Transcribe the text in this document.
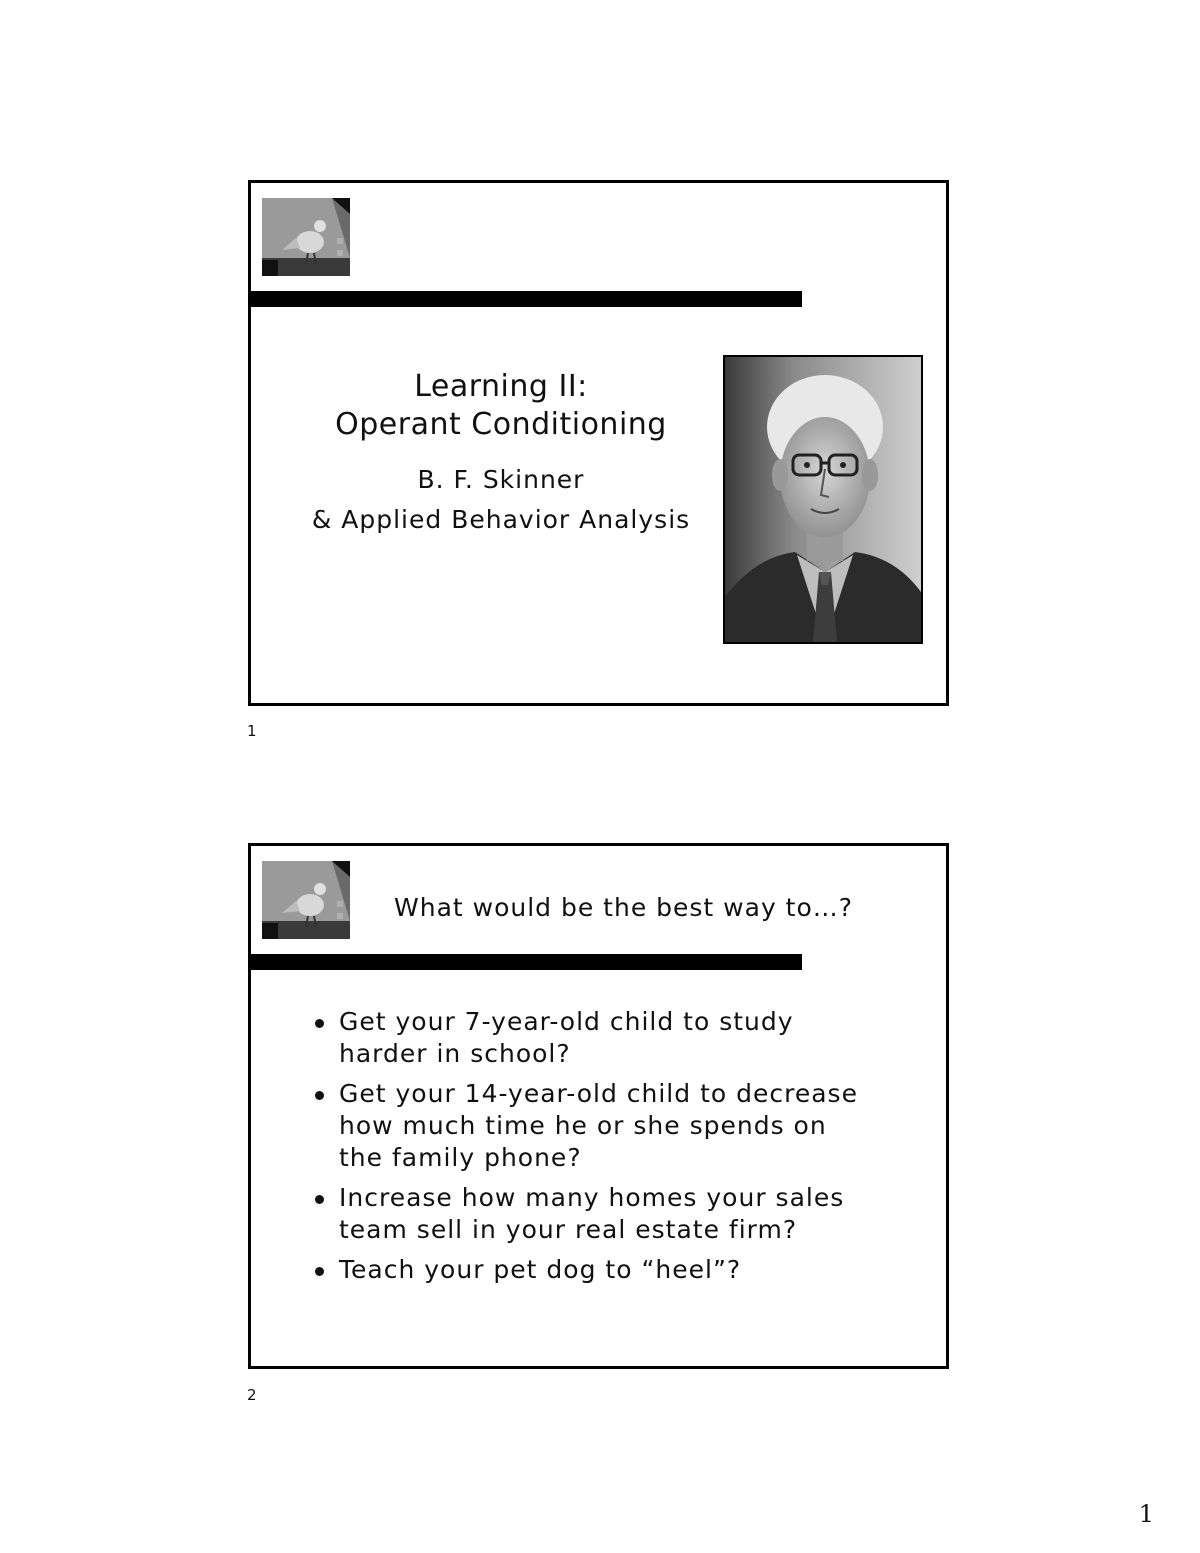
Learning II:
Operant Conditioning
B. F. Skinner
& Applied Behavior Analysis
1
What would be the best way to…?
Get your 7-year-old child to study
harder in school?
Get your 14-year-old child to decrease
how much time he or she spends on
the family phone?
Increase how many homes your sales
team sell in your real estate firm?
Teach your pet dog to “heel”?
2
1
